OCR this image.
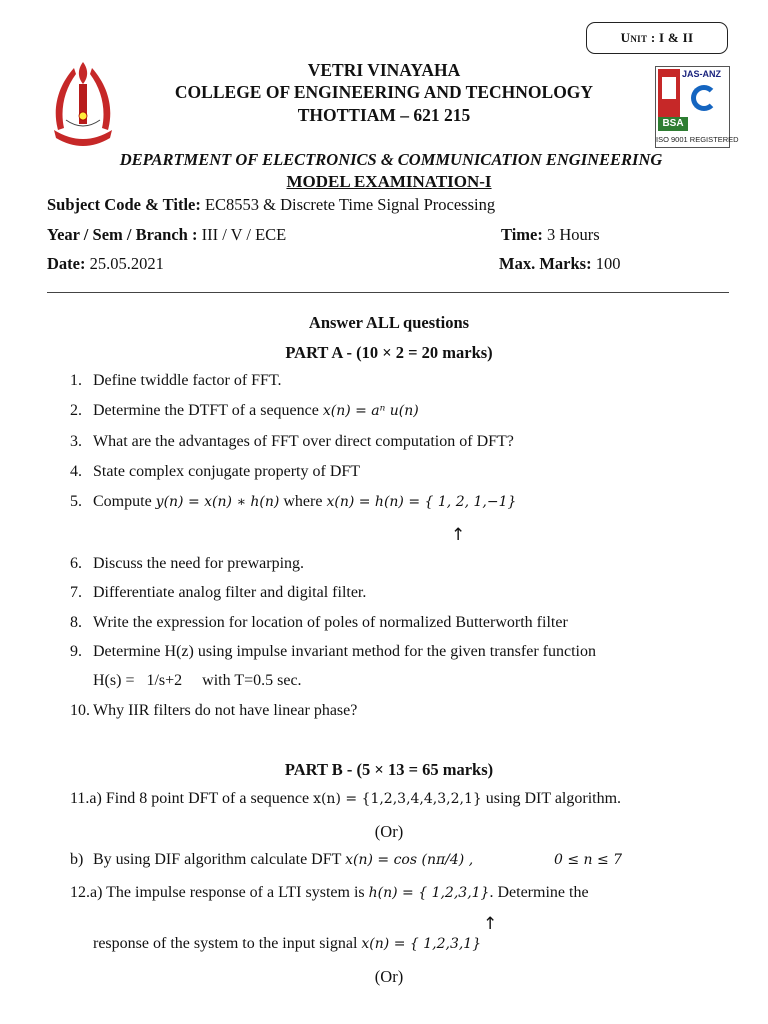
Unit
: I & II
JAS-ANZ
BSA
ISO 9001 REGISTERED
VETRI VINAYAHA
COLLEGE OF ENGINEERING AND TECHNOLOGY
THOTTIAM – 621 215
DEPARTMENT OF ELECTRONICS & COMMUNICATION ENGINEERING
MODEL EXAMINATION-I
Subject Code & Title: EC8553 & Discrete Time Signal Processing
Year / Sem / Branch : III / V / ECE	Time: 3 Hours
Date: 25.05.2021	Max. Marks: 100
Answer ALL questions
PART A - (10 × 2 = 20 marks)
1. Define twiddle factor of FFT.
2. Determine the DTFT of a sequence x(n) = aⁿ u(n)
3. What are the advantages of FFT over direct computation of DFT?
4. State complex conjugate property of DFT
5. Compute y(n) = x(n) ∗ h(n) where x(n) = h(n) = { 1, 2, 1,−1}
↑
6. Discuss the need for prewarping.
7. Differentiate analog filter and digital filter.
8. Write the expression for location of poles of normalized Butterworth filter
9. Determine H(z) using impulse invariant method for the given transfer function
H(s) =   1/s+2     with T=0.5 sec.
10. Why IIR filters do not have linear phase?
PART B - (5 × 13 = 65 marks)
11.a) Find 8 point DFT of a sequence x(n) = {1,2,3,4,4,3,2,1} using DIT algorithm.
(Or)
b) By using DIF algorithm calculate DFT x(n) = cos (nπ/4) ,	0 ≤ n ≤ 7
12.a) The impulse response of a LTI system is h(n) = { 1,2,3,1}. Determine the
↑
response of the system to the input signal x(n) = { 1,2,3,1}
(Or)
